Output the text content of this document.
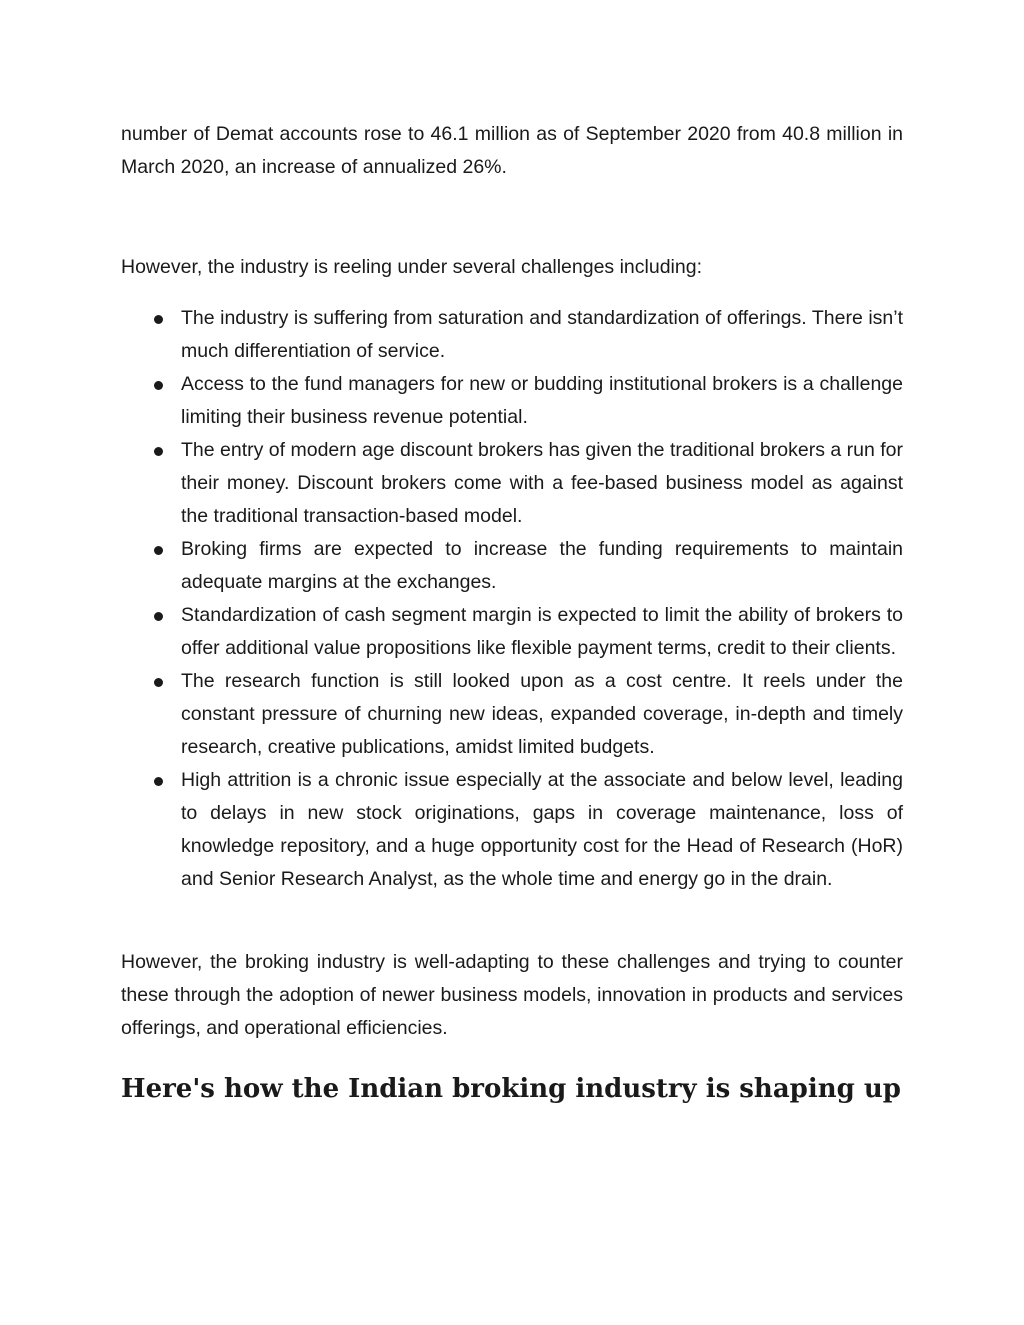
number of Demat accounts rose to 46.1 million as of September 2020 from 40.8 million in March 2020, an increase of annualized 26%.

However, the industry is reeling under several challenges including:

The industry is suffering from saturation and standardization of offerings. There isn’t much differentiation of service.
Access to the fund managers for new or budding institutional brokers is a challenge limiting their business revenue potential.
The entry of modern age discount brokers has given the traditional brokers a run for their money. Discount brokers come with a fee-based business model as against the traditional transaction-based model.
Broking firms are expected to increase the funding requirements to maintain adequate margins at the exchanges.
Standardization of cash segment margin is expected to limit the ability of brokers to offer additional value propositions like flexible payment terms, credit to their clients.
The research function is still looked upon as a cost centre. It reels under the constant pressure of churning new ideas, expanded coverage, in-depth and timely research, creative publications, amidst limited budgets.
High attrition is a chronic issue especially at the associate and below level, leading to delays in new stock originations, gaps in coverage maintenance, loss of knowledge repository, and a huge opportunity cost for the Head of Research (HoR) and Senior Research Analyst, as the whole time and energy go in the drain.

However, the broking industry is well-adapting to these challenges and trying to counter these through the adoption of newer business models, innovation in products and services offerings, and operational efficiencies.

Here's how the Indian broking industry is shaping up
